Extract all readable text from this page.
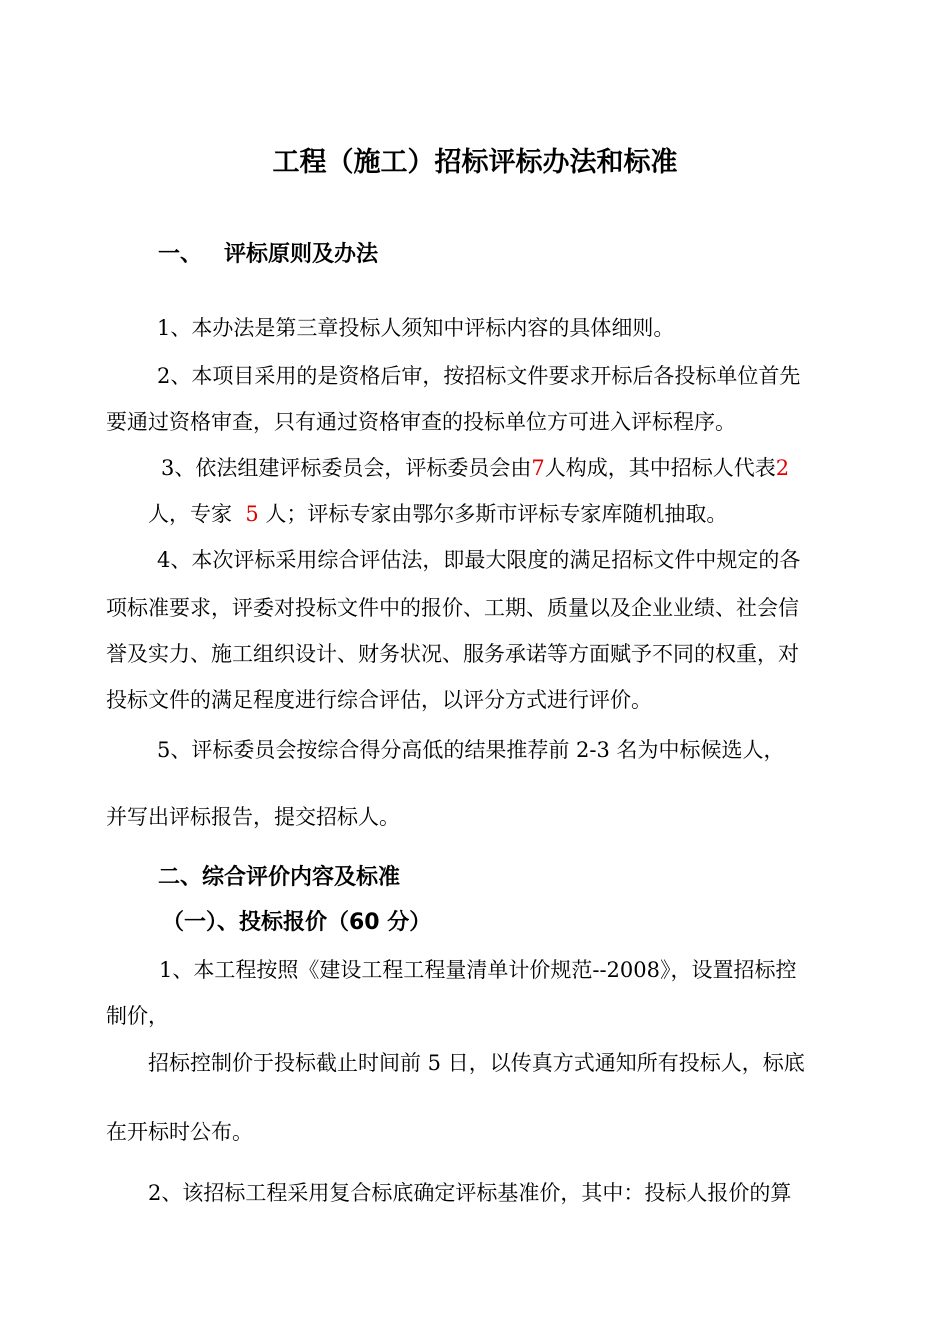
工程（施工）招标评标办法和标准
一、 评标原则及办法
1、本办法是第三章投标人须知中评标内容的具体细则。
2、本项目采用的是资格后审，按招标文件要求开标后各投标单位首先
要通过资格审查，只有通过资格审查的投标单位方可进入评标程序。
3、依法组建评标委员会，评标委员会由7人构成，其中招标人代表2
人，专家 5 人；评标专家由鄂尔多斯市评标专家库随机抽取。
4、本次评标采用综合评估法，即最大限度的满足招标文件中规定的各
项标准要求，评委对投标文件中的报价、工期、质量以及企业业绩、社会信
誉及实力、施工组织设计、财务状况、服务承诺等方面赋予不同的权重，对
投标文件的满足程度进行综合评估，以评分方式进行评价。
5、评标委员会按综合得分高低的结果推荐前 2-3 名为中标候选人，
并写出评标报告，提交招标人。
二、综合评价内容及标准
（一）、投标报价（60 分）
1、本工程按照《建设工程工程量清单计价规范--2008》，设置招标控
制价，
招标控制价于投标截止时间前 5 日，以传真方式通知所有投标人，标底
在开标时公布。
2、该招标工程采用复合标底确定评标基准价，其中：投标人报价的算
